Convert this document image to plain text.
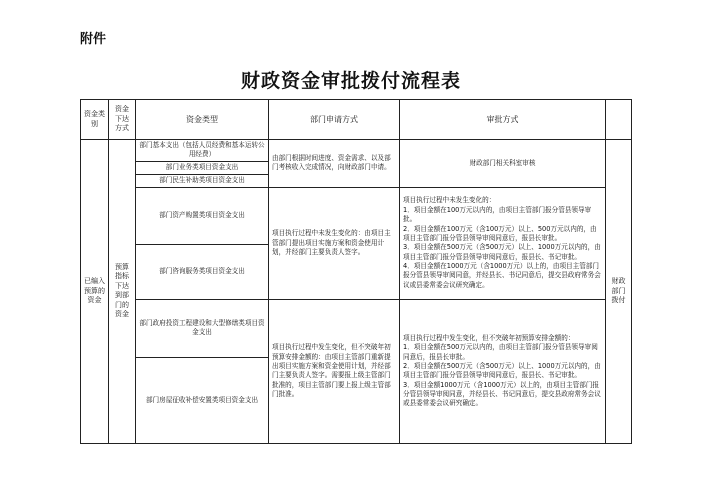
附件
财政资金审批拨付流程表
资金类别	资金下达方式	资金类型	部门申请方式	审批方式	
已编入预算的资金	预算指标下达到部门的资金	部门基本支出（包括人员经费和基本运转公用经费）	由部门根据时间进度、资金需求、以及部门考核收入完成情况，向财政部门申请。	财政部门相关科室审核	财政部门拨付
		部门业务类项目资金支出			
		部门民生补助类项目资金支出			
		部门资产购置类项目资金支出	项目执行过程中未发生变化的：由项目主管部门提出项目实施方案和资金使用计划，并经部门主要负责人签字。	项目执行过程中未发生变化的：
1．项目金额在100万元以内的，由项目主管部门报分管县领导审批。
2．项目金额在100万元（含100万元）以上、500万元以内的，由项目主管部门报分管县领导审阅同意后，报县长审批。
3．项目金额在500万元（含500万元）以上、1000万元以内的，由项目主管部门报分管县领导审阅同意后，报县长、书记审批。
4．项目金额在1000万元（含1000万元）以上的，由项目主管部门报分管县领导审阅同意，并经县长、书记同意后，提交县政府常务会议或县委常委会议研究确定。	
		部门咨询服务类项目资金支出			
		部门政府投资工程建设和大型修缮类项目资金支出	项目执行过程中发生变化，但不突破年初预算安排金额的：由项目主管部门重新提出项目实施方案和资金使用计划，并经部门主要负责人签字。需要报上级主管部门批准的，项目主管部门要上报上级主管部门批准。	项目执行过程中发生变化，但不突破年初预算安排金额的：
1．项目金额在500万元以内的，由项目主管部门报分管县领导审阅同意后，报县长审批。
2．项目金额在500万元（含500万元）以上、1000万元以内的，由项目主管部门报分管县领导审阅同意后，报县长、书记审批。
3．项目金额1000万元（含1000万元）以上的，由项目主管部门报分管县领导审阅同意，并经县长、书记同意后，提交县政府常务会议或县委常委会议研究确定。	
		部门房屋征收补偿安置类项目资金支出			
